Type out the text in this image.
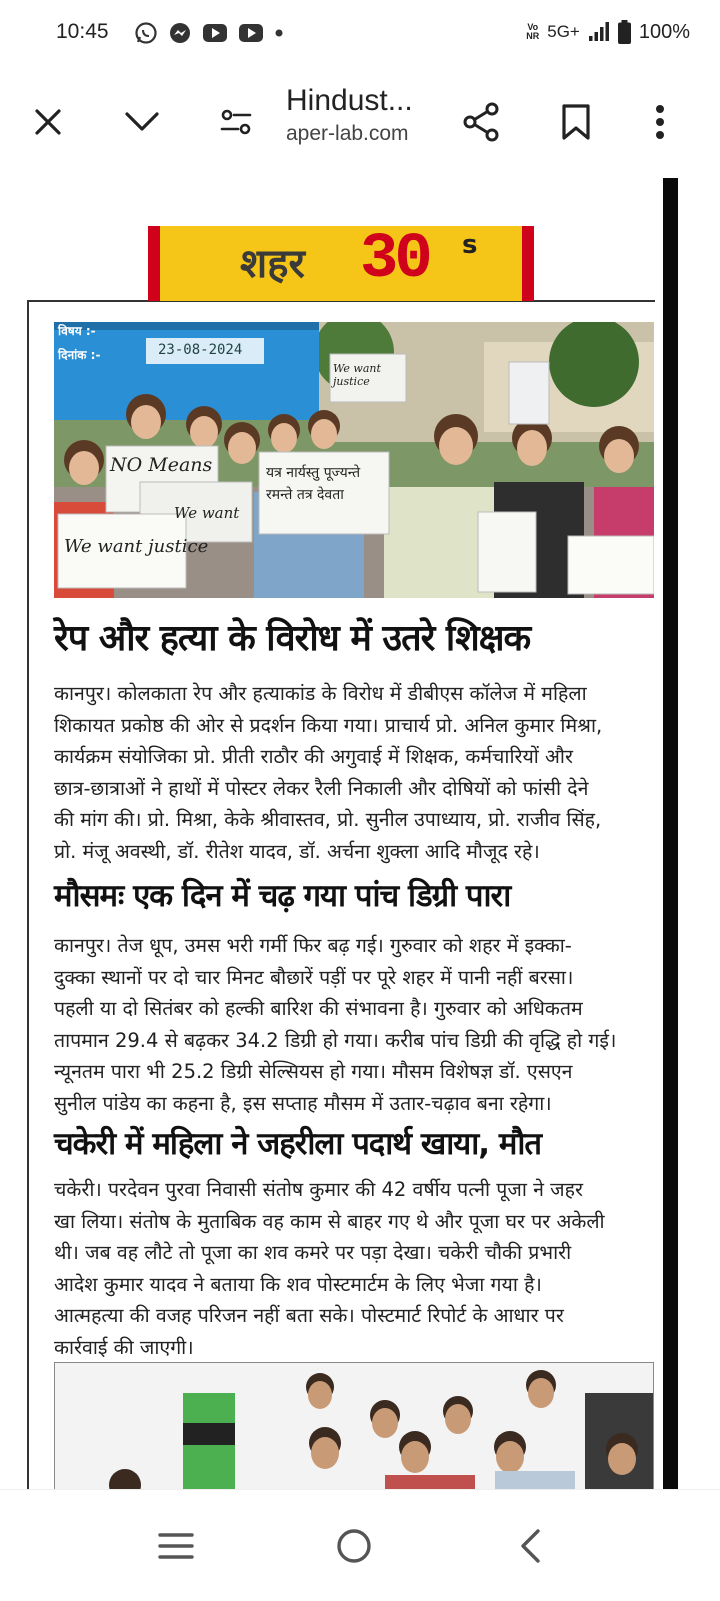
10:45	Vo
NR 5G+	100%
Hindust...
aper-lab.com
शहर 30 s
विषय :-
दिनांक :-	23-08-2024
We want justice
NO Means
We want
यत्र नार्यस्तु पूज्यन्ते रमन्ते तत्र देवता
We want justice
रेप और हत्या के विरोध में उतरे शिक्षक
कानपुर। कोलकाता रेप और हत्याकांड के विरोध में डीबीएस कॉलेज में महिला
शिकायत प्रकोष्ठ की ओर से प्रदर्शन किया गया। प्राचार्य प्रो. अनिल कुमार मिश्रा,
कार्यक्रम संयोजिका प्रो. प्रीती राठौर की अगुवाई में शिक्षक, कर्मचारियों और
छात्र-छात्राओं ने हाथों में पोस्टर लेकर रैली निकाली और दोषियों को फांसी देने
की मांग की। प्रो. मिश्रा, केके श्रीवास्तव, प्रो. सुनील उपाध्याय, प्रो. राजीव सिंह,
प्रो. मंजू अवस्थी, डॉ. रीतेश यादव, डॉ. अर्चना शुक्ला आदि मौजूद रहे।
मौसमः एक दिन में चढ़ गया पांच डिग्री पारा
कानपुर। तेज धूप, उमस भरी गर्मी फिर बढ़ गई। गुरुवार को शहर में इक्का-
दुक्का स्थानों पर दो चार मिनट बौछारें पड़ीं पर पूरे शहर में पानी नहीं बरसा।
पहली या दो सितंबर को हल्की बारिश की संभावना है। गुरुवार को अधिकतम
तापमान 29.4 से बढ़कर 34.2 डिग्री हो गया। करीब पांच डिग्री की वृद्धि हो गई।
न्यूनतम पारा भी 25.2 डिग्री सेल्सियस हो गया। मौसम विशेषज्ञ डॉ. एसएन
सुनील पांडेय का कहना है, इस सप्ताह मौसम में उतार-चढ़ाव बना रहेगा।
चकेरी में महिला ने जहरीला पदार्थ खाया, मौत
चकेरी। परदेवन पुरवा निवासी संतोष कुमार की 42 वर्षीय पत्नी पूजा ने जहर
खा लिया। संतोष के मुताबिक वह काम से बाहर गए थे और पूजा घर पर अकेली
थी। जब वह लौटे तो पूजा का शव कमरे पर पड़ा देखा। चकेरी चौकी प्रभारी
आदेश कुमार यादव ने बताया कि शव पोस्टमार्टम के लिए भेजा गया है।
आत्महत्या की वजह परिजन नहीं बता सके। पोस्टमार्ट रिपोर्ट के आधार पर
कार्रवाई की जाएगी।
